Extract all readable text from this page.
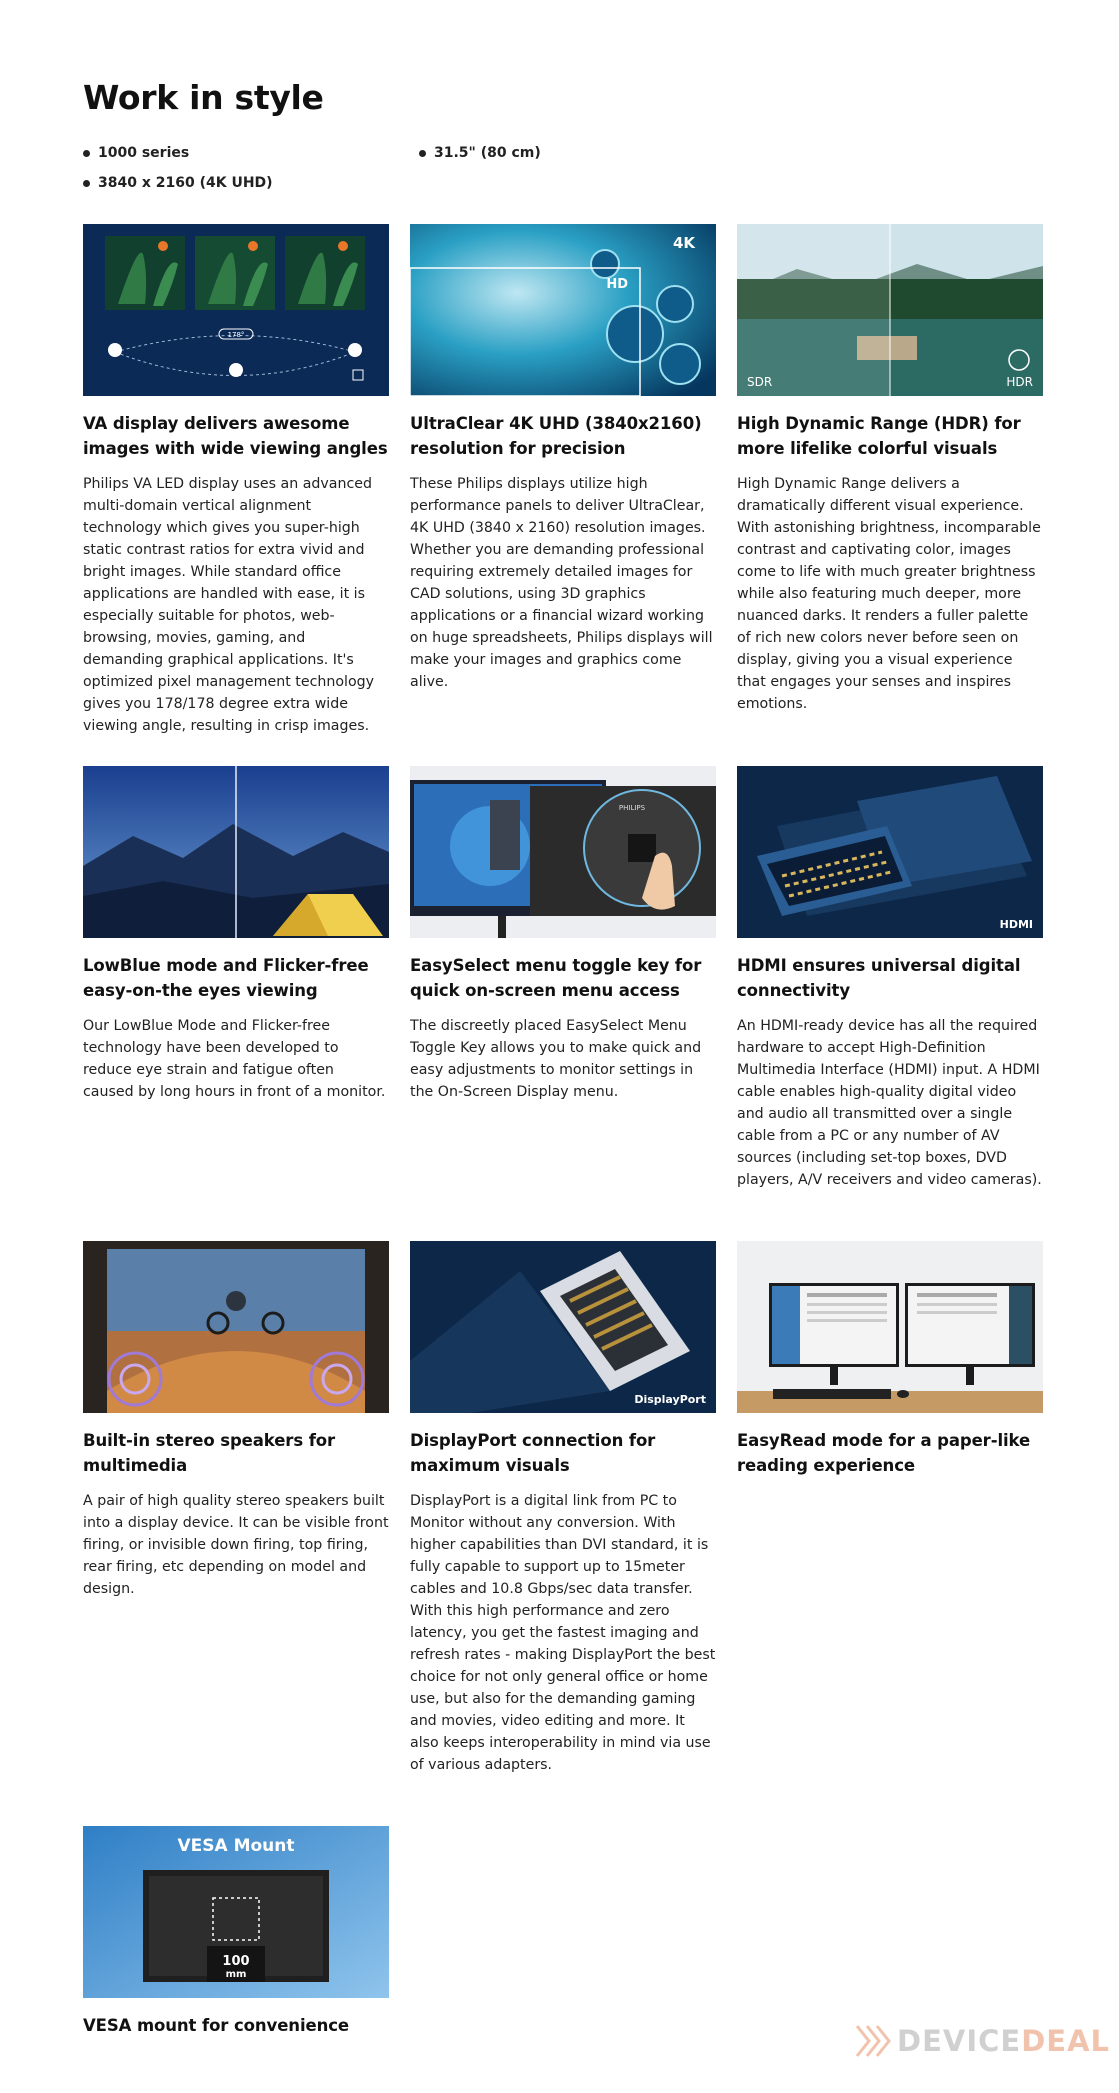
Work in style
1000 series	31.5" (80 cm)
3840 x 2160 (4K UHD)
178°
VA display delivers awesome images with wide viewing angles

Philips VA LED display uses an advanced multi-domain vertical alignment technology which gives you super-high static contrast ratios for extra vivid and bright images. While standard office applications are handled with ease, it is especially suitable for photos, web-browsing, movies, gaming, and demanding graphical applications. It's optimized pixel management technology gives you 178/178 degree extra wide viewing angle, resulting in crisp images.

4K
HD
UltraClear 4K UHD (3840x2160) resolution for precision

These Philips displays utilize high performance panels to deliver UltraClear, 4K UHD (3840 x 2160) resolution images. Whether you are demanding professional requiring extremely detailed images for CAD solutions, using 3D graphics applications or a financial wizard working on huge spreadsheets, Philips displays will make your images and graphics come alive.

SDR	HDR
High Dynamic Range (HDR) for more lifelike colorful visuals

High Dynamic Range delivers a dramatically different visual experience. With astonishing brightness, incomparable contrast and captivating color, images come to life with much greater brightness while also featuring much deeper, more nuanced darks. It renders a fuller palette of rich new colors never before seen on display, giving you a visual experience that engages your senses and inspires emotions.

LowBlue mode and Flicker-free easy-on-the eyes viewing

Our LowBlue Mode and Flicker-free technology have been developed to reduce eye strain and fatigue often caused by long hours in front of a monitor.

PHILIPS
EasySelect menu toggle key for quick on-screen menu access

The discreetly placed EasySelect Menu Toggle Key allows you to make quick and easy adjustments to monitor settings in the On-Screen Display menu.

HDMI
HDMI ensures universal digital connectivity

An HDMI-ready device has all the required hardware to accept High-Definition Multimedia Interface (HDMI) input. A HDMI cable enables high-quality digital video and audio all transmitted over a single cable from a PC or any number of AV sources (including set-top boxes, DVD players, A/V receivers and video cameras).

Built-in stereo speakers for multimedia

A pair of high quality stereo speakers built into a display device. It can be visible front firing, or invisible down firing, top firing, rear firing, etc depending on model and design.

DisplayPort
DisplayPort connection for maximum visuals

DisplayPort is a digital link from PC to Monitor without any conversion. With higher capabilities than DVI standard, it is fully capable to support up to 15meter cables and 10.8 Gbps/sec data transfer. With this high performance and zero latency, you get the fastest imaging and refresh rates - making DisplayPort the best choice for not only general office or home use, but also for the demanding gaming and movies, video editing and more. It also keeps interoperability in mind via use of various adapters.

EasyRead mode for a paper-like reading experience
VESA Mount
100
mm
VESA mount for convenience	DEVICEDEAL
